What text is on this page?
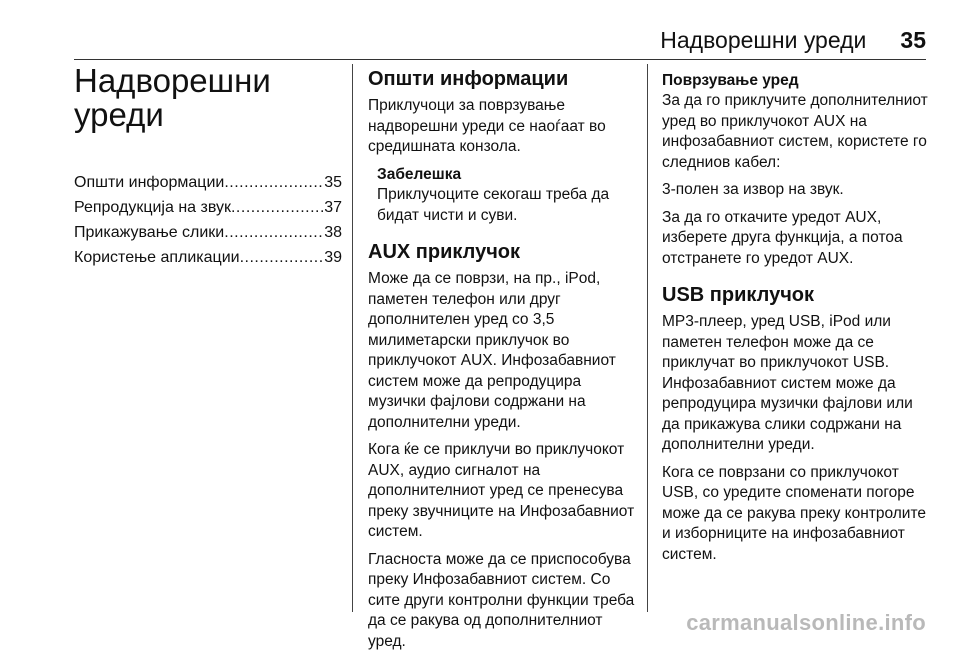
Надворешни уреди 35
Надворешни уреди
Општи информации .....	35
Репродукција на звук .....	37
Прикажување слики .....	38
Користење апликации .....	39
Општи информации

Приклучоци за поврзување надворешни уреди се наоѓаат во средишната конзола.

Забелешка
Приклучоците секогаш треба да бидат чисти и суви.
AUX приклучок

Може да се поврзи, на пр., iPod, паметен телефон или друг дополнителен уред со 3,5 милиметарски приклучок во приклучокот AUX. Инфозабавниот систем може да репродуцира музички фајлови содржани на дополнителни уреди.

Кога ќе се приклучи во приклучокот AUX, аудио сигналот на дополнителниот уред се пренесува преку звучниците на Инфозабавниот систем.

Гласноста може да се приспособува преку Инфозабавниот систем. Со сите други контролни функции треба да се ракува од дополнителниот уред.

Поврзување уред

За да го приклучите дополнителниот уред во приклучокот AUX на инфозабавниот систем, користете го следниов кабел:

3-полен за извор на звук.

За да го откачите уредот AUX, изберете друга функција, а потоа отстранете го уредот AUX.

USB приклучок

MP3-плеер, уред USB, iPod или паметен телефон може да се приклучат во приклучокот USB. Инфозабавниот систем може да репродуцира музички фајлови или да прикажува слики содржани на дополнителни уреди.

Кога се поврзани со приклучокот USB, со уредите споменати погоре може да се ракува преку контролите и изборниците на инфозабавниот систем.

carmanualsonline.info
